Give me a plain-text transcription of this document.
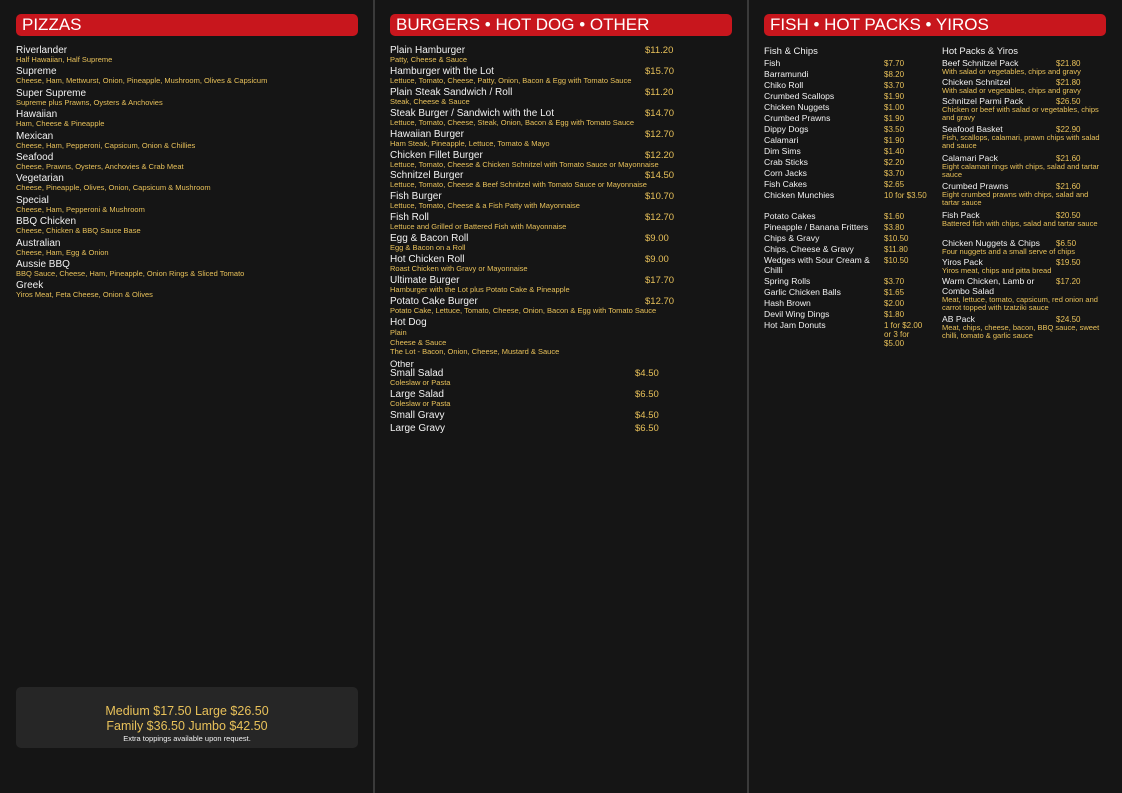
PIZZAS
Riverlander
Half Hawaiian, Half Supreme
Supreme
Cheese, Ham, Mettwurst, Onion, Pineapple, Mushroom, Olives & Capsicum
Super Supreme
Supreme plus Prawns, Oysters & Anchovies
Hawaiian
Ham, Cheese & Pineapple
Mexican
Cheese, Ham, Pepperoni, Capsicum, Onion & Chillies
Seafood
Cheese, Prawns, Oysters, Anchovies & Crab Meat
Vegetarian
Cheese, Pineapple, Olives, Onion, Capsicum & Mushroom
Special
Cheese, Ham, Pepperoni & Mushroom
BBQ Chicken
Cheese, Chicken & BBQ Sauce Base
Australian
Cheese, Ham, Egg & Onion
Aussie BBQ
BBQ Sauce, Cheese, Ham, Pineapple, Onion Rings & Sliced Tomato
Greek
Yiros Meat, Feta Cheese, Onion & Olives
Medium $17.50 Large $26.50
Family $36.50 Jumbo $42.50
Extra toppings available upon request.
BURGERS • HOT DOG • OTHER
Plain Hamburger
Patty, Cheese & Sauce
$11.20
Hamburger with the Lot
Lettuce, Tomato, Cheese, Patty, Onion, Bacon & Egg with Tomato Sauce
$15.70
Plain Steak Sandwich / Roll
Steak, Cheese & Sauce
$11.20
Steak Burger / Sandwich with the Lot
Lettuce, Tomato, Cheese, Steak, Onion, Bacon & Egg with Tomato Sauce
$14.70
Hawaiian Burger
Ham Steak, Pineapple, Lettuce, Tomato & Mayo
$12.70
Chicken Fillet Burger
Lettuce, Tomato, Cheese & Chicken Schnitzel with Tomato Sauce or Mayonnaise
$12.20
Schnitzel Burger
Lettuce, Tomato, Cheese & Beef Schnitzel with Tomato Sauce or Mayonnaise
$14.50
Fish Burger
Lettuce, Tomato, Cheese & a Fish Patty with Mayonnaise
$10.70
Fish Roll
Lettuce and Grilled or Battered Fish with Mayonnaise
$12.70
Egg & Bacon Roll
Egg & Bacon on a Roll
$9.00
Hot Chicken Roll
Roast Chicken with Gravy or Mayonnaise
$9.00
Ultimate Burger
Hamburger with the Lot plus Potato Cake & Pineapple
$17.70
Potato Cake Burger
Potato Cake, Lettuce, Tomato, Cheese, Onion, Bacon & Egg with Tomato Sauce
$12.70
Hot Dog
Plain
Cheese & Sauce
The Lot - Bacon, Onion, Cheese, Mustard & Sauce
Other
Small Salad
Coleslaw or Pasta
$4.50
Large Salad
Coleslaw or Pasta
$6.50
Small Gravy	$4.50
Large Gravy	$6.50
FISH • HOT PACKS • YIROS
Fish & Chips
Fish	$7.70
Barramundi	$8.20
Chiko Roll	$3.70
Crumbed Scallops	$1.90
Chicken Nuggets	$1.00
Crumbed Prawns	$1.90
Dippy Dogs	$3.50
Calamari	$1.90
Dim Sims	$1.40
Crab Sticks	$2.20
Corn Jacks	$3.70
Fish Cakes	$2.65
Chicken Munchies	10 for $3.50
Potato Cakes	$1.60
Pineapple / Banana Fritters	$3.80
Chips & Gravy	$10.50
Chips, Cheese & Gravy	$11.80
Wedges with Sour Cream & Chilli
$10.50
Spring Rolls	$3.70
Garlic Chicken Balls	$1.65
Hash Brown	$2.00
Devil Wing Dings	$1.80
Hot Jam Donuts	1 for $2.00 or 3 for $5.00
Hot Packs & Yiros
Beef Schnitzel Pack	$21.80
With salad or vegetables, chips and gravy
Chicken Schnitzel	$21.80
With salad or vegetables, chips and gravy
Schnitzel Parmi Pack	$26.50
Chicken or beef with salad or vegetables, chips and gravy
Seafood Basket	$22.90
Fish, scallops, calamari, prawn chips with salad and sauce
Calamari Pack	$21.60
Eight calamari rings with chips, salad and tartar sauce
Crumbed Prawns	$21.60
Eight crumbed prawns with chips, salad and tartar sauce
Fish Pack	$20.50
Battered fish with chips, salad and tartar sauce
Chicken Nuggets & Chips	$6.50
Four nuggets and a small serve of chips
Yiros Pack	$19.50
Yiros meat, chips and pitta bread
Warm Chicken, Lamb or Combo Salad
$17.20
Meat, lettuce, tomato, capsicum, red onion and carrot topped with tzatziki sauce
AB Pack	$24.50
Meat, chips, cheese, bacon, BBQ sauce, sweet chilli, tomato & garlic sauce
